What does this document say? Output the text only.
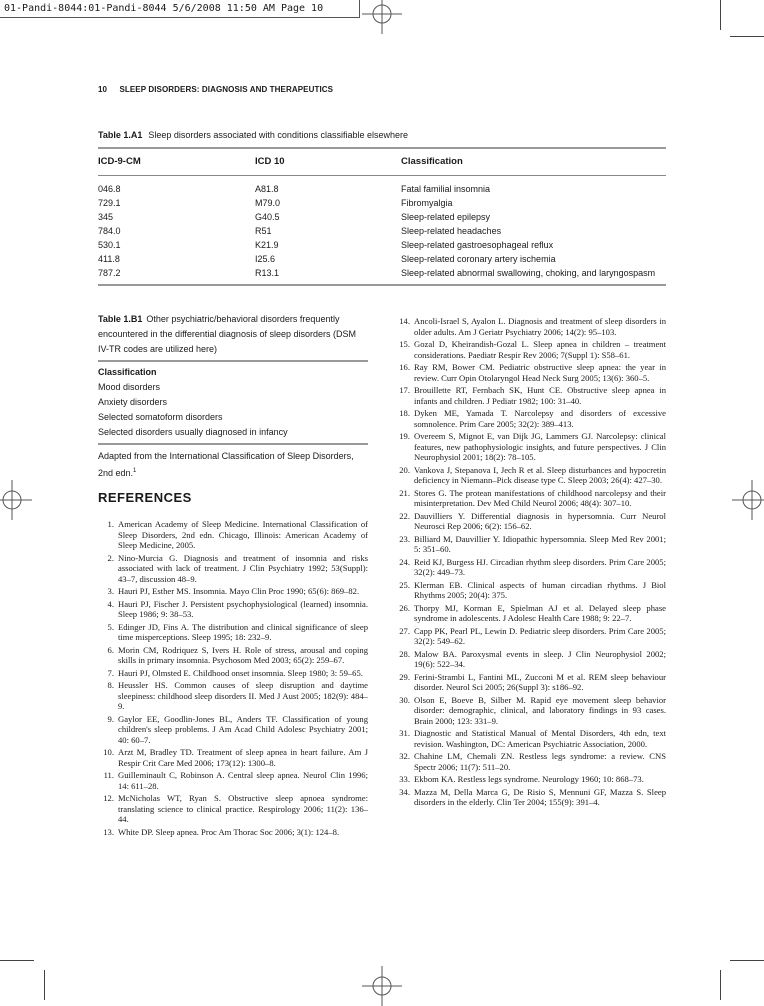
01-Pandi-8044:01-Pandi-8044 5/6/2008 11:50 AM Page 10
10 SLEEP DISORDERS: DIAGNOSIS AND THERAPEUTICS
Table 1.A1 Sleep disorders associated with conditions classifiable elsewhere
ICD-9-CM	ICD 10	Classification
046.8	A81.8	Fatal familial insomnia
729.1	M79.0	Fibromyalgia
345	G40.5	Sleep-related epilepsy
784.0	R51	Sleep-related headaches
530.1	K21.9	Sleep-related gastroesophageal reflux
411.8	I25.6	Sleep-related coronary artery ischemia
787.2	R13.1	Sleep-related abnormal swallowing, choking, and laryngospasm
Table 1.B1 Other psychiatric/behavioral disorders frequently encountered in the differential diagnosis of sleep disorders (DSM IV-TR codes are utilized here)
Classification
Mood disorders
Anxiety disorders
Selected somatoform disorders
Selected disorders usually diagnosed in infancy
Adapted from the International Classification of Sleep Disorders, 2nd edn.$^1$
REFERENCES
1. American Academy of Sleep Medicine. International Classification of Sleep Disorders, 2nd edn. Chicago, Illinois: American Academy of Sleep Medicine, 2005.
2. Nino-Murcia G. Diagnosis and treatment of insomnia and risks associated with lack of treatment. J Clin Psychiatry 1992; 53(Suppl): 43–7, discussion 48–9.
3. Hauri PJ, Esther MS. Insomnia. Mayo Clin Proc 1990; 65(6): 869–82.
4. Hauri PJ, Fischer J. Persistent psychophysiological (learned) insomnia. Sleep 1986; 9: 38–53.
5. Edinger JD, Fins A. The distribution and clinical significance of sleep time misperceptions. Sleep 1995; 18: 232–9.
6. Morin CM, Rodriquez S, Ivers H. Role of stress, arousal and coping skills in primary insomnia. Psychosom Med 2003; 65(2): 259–67.
7. Hauri PJ, Olmsted E. Childhood onset insomnia. Sleep 1980; 3: 59–65.
8. Heussler HS. Common causes of sleep disruption and daytime sleepiness: childhood sleep disorders II. Med J Aust 2005; 182(9): 484–9.
9. Gaylor EE, Goodlin-Jones BL, Anders TF. Classification of young children's sleep problems. J Am Acad Child Adolesc Psychiatry 2001; 40: 60–7.
10. Arzt M, Bradley TD. Treatment of sleep apnea in heart failure. Am J Respir Crit Care Med 2006; 173(12): 1300–8.
11. Guilleminault C, Robinson A. Central sleep apnea. Neurol Clin 1996; 14: 611–28.
12. McNicholas WT, Ryan S. Obstructive sleep apnoea syndrome: translating science to clinical practice. Respirology 2006; 11(2): 136–44.
13. White DP. Sleep apnea. Proc Am Thorac Soc 2006; 3(1): 124–8.
14. Ancoli-Israel S, Ayalon L. Diagnosis and treatment of sleep disorders in older adults. Am J Geriatr Psychiatry 2006; 14(2): 95–103.
15. Gozal D, Kheirandish-Gozal L. Sleep apnea in children – treatment considerations. Paediatr Respir Rev 2006; 7(Suppl 1): S58–61.
16. Ray RM, Bower CM. Pediatric obstructive sleep apnea: the year in review. Curr Opin Otolaryngol Head Neck Surg 2005; 13(6): 360–5.
17. Brouillette RT, Fernbach SK, Hunt CE. Obstructive sleep apnea in infants and children. J Pediatr 1982; 100: 31–40.
18. Dyken ME, Yamada T. Narcolepsy and disorders of excessive somnolence. Prim Care 2005; 32(2): 389–413.
19. Overeem S, Mignot E, van Dijk JG, Lammers GJ. Narcolepsy: clinical features, new pathophysiologic insights, and future perspectives. J Clin Neurophysiol 2001; 18(2): 78–105.
20. Vankova J, Stepanova I, Jech R et al. Sleep disturbances and hypocretin deficiency in Niemann–Pick disease type C. Sleep 2003; 26(4): 427–30.
21. Stores G. The protean manifestations of childhood narcolepsy and their misinterpretation. Dev Med Child Neurol 2006; 48(4): 307–10.
22. Dauvilliers Y. Differential diagnosis in hypersomnia. Curr Neurol Neurosci Rep 2006; 6(2): 156–62.
23. Billiard M, Dauvillier Y. Idiopathic hypersomnia. Sleep Med Rev 2001; 5: 351–60.
24. Reid KJ, Burgess HJ. Circadian rhythm sleep disorders. Prim Care 2005; 32(2): 449–73.
25. Klerman EB. Clinical aspects of human circadian rhythms. J Biol Rhythms 2005; 20(4): 375.
26. Thorpy MJ, Korman E, Spielman AJ et al. Delayed sleep phase syndrome in adolescents. J Adolesc Health Care 1988; 9: 22–7.
27. Capp PK, Pearl PL, Lewin D. Pediatric sleep disorders. Prim Care 2005; 32(2): 549–62.
28. Malow BA. Paroxysmal events in sleep. J Clin Neurophysiol 2002; 19(6): 522–34.
29. Ferini-Strambi L, Fantini ML, Zucconi M et al. REM sleep behaviour disorder. Neurol Sci 2005; 26(Suppl 3): s186–92.
30. Olson E, Boeve B, Silber M. Rapid eye movement sleep behavior disorder: demographic, clinical, and laboratory findings in 93 cases. Brain 2000; 123: 331–9.
31. Diagnostic and Statistical Manual of Mental Disorders, 4th edn, text revision. Washington, DC: American Psychiatric Association, 2000.
32. Chahine LM, Chemali ZN. Restless legs syndrome: a review. CNS Spectr 2006; 11(7): 511–20.
33. Ekbom KA. Restless legs syndrome. Neurology 1960; 10: 868–73.
34. Mazza M, Della Marca G, De Risio S, Mennuni GF, Mazza S. Sleep disorders in the elderly. Clin Ter 2004; 155(9): 391–4.
